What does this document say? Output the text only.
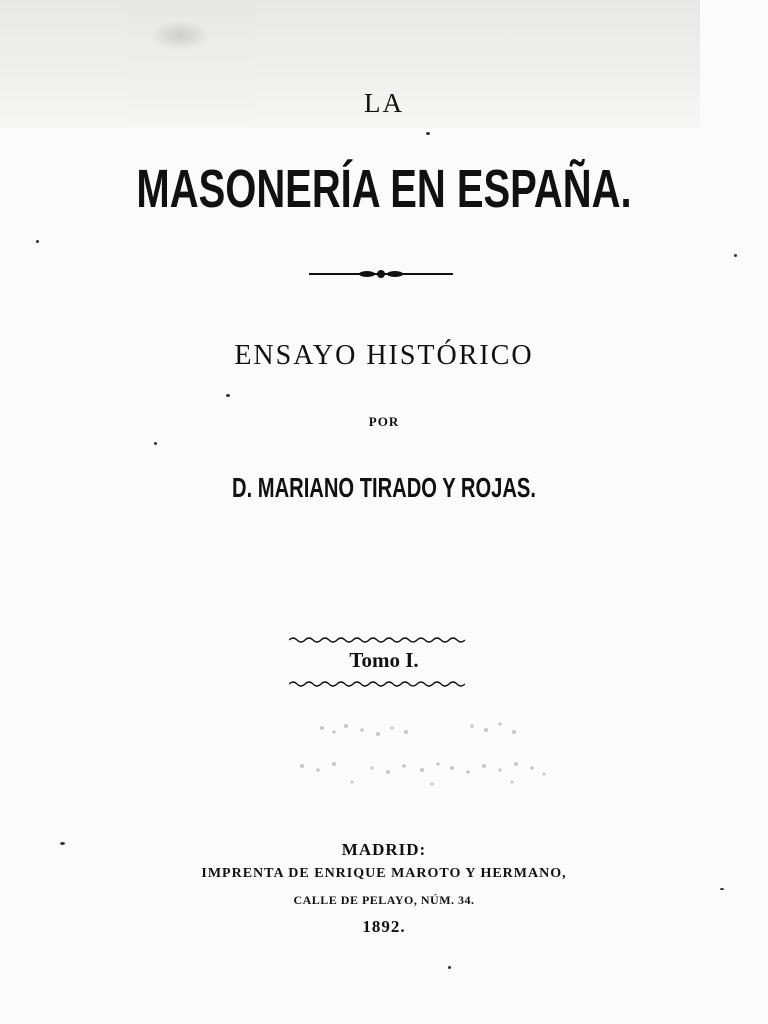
LA
MASONERÍA EN ESPAÑA.
ENSAYO HISTÓRICO
POR
D. MARIANO TIRADO Y ROJAS.
Tomo I.
MADRID:
IMPRENTA DE ENRIQUE MAROTO Y HERMANO,
CALLE DE PELAYO, NÚM. 34.
1892.
